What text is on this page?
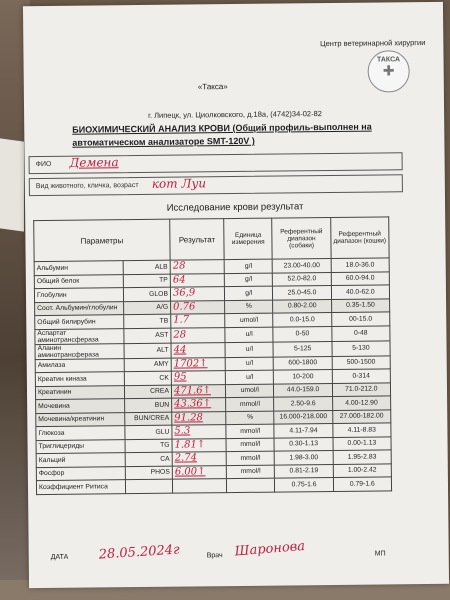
Центр ветеринарной хирургии
ТАКСА
✚
«Такса»
г. Липецк, ул. Циолковского, д.18а, (4742)34-02-82
БИОХИМИЧЕСКИЙ АНАЛИЗ КРОВИ (Общий профиль-выполнен на автоматическом анализаторе SMT-120V )
ФИО Деменa
Вид животного, кличка, возраст кот Луи
Исследование крови результат
Параметры		Результат	Единица измерения	Референтный диапазон (собаки)	Референтный диапазон (кошки)
Альбумин	ALB	28	g/l	23.00-40.00	18.0-36.0
Общий белок	TP	64	g/l	52.0-82.0	60.0-94.0
Глобулин	GLOB	36,9	g/l	25.0-45.0	40.0-62.0
Coот. Альбумин/глобулин	A/G	0.76	%	0.80-2.00	0.35-1.50
Общий билирубин	TB	1.7	umol/l	0.0-15.0	00-15.0
Аспартат аминотрансфераза	AST	28	u/l	0-50	0-48
Аланин аминотрансфераза	ALT	44	u/l	5-125	5-130
Амилаза	AMY	1702↑	u/l	600-1800	500-1500
Креатин киназа	CK	95	u/l	10-200	0-314
Креатинин	CREA	471.6↑	umol/l	44.0-159.0	71.0-212.0
Мочевина	BUN	43.36↑	mmol/l	2.50-9.6	4.00-12.90
Мочевина/креатинин	BUN/CREA	91.28	%	16.000-218.000	27.000-182.00
Глюкоза	GLU	5.3	mmol/l	4.11-7.94	4.11-8.83
Триглицериды	TG	1.81↑	mmol/l	0.30-1.13	0.00-1.13
Кальций	CA	2.74	mmol/l	1.98-3.00	1.95-2.83
Фосфор	PHOS	6.00↑	mmol/l	0.81-2.19	1.00-2.42
Коэффициент Ритиса				0.75-1.6	0.79-1.6
ДАТА 28.05.2024г	Врач Шаронова	МП
